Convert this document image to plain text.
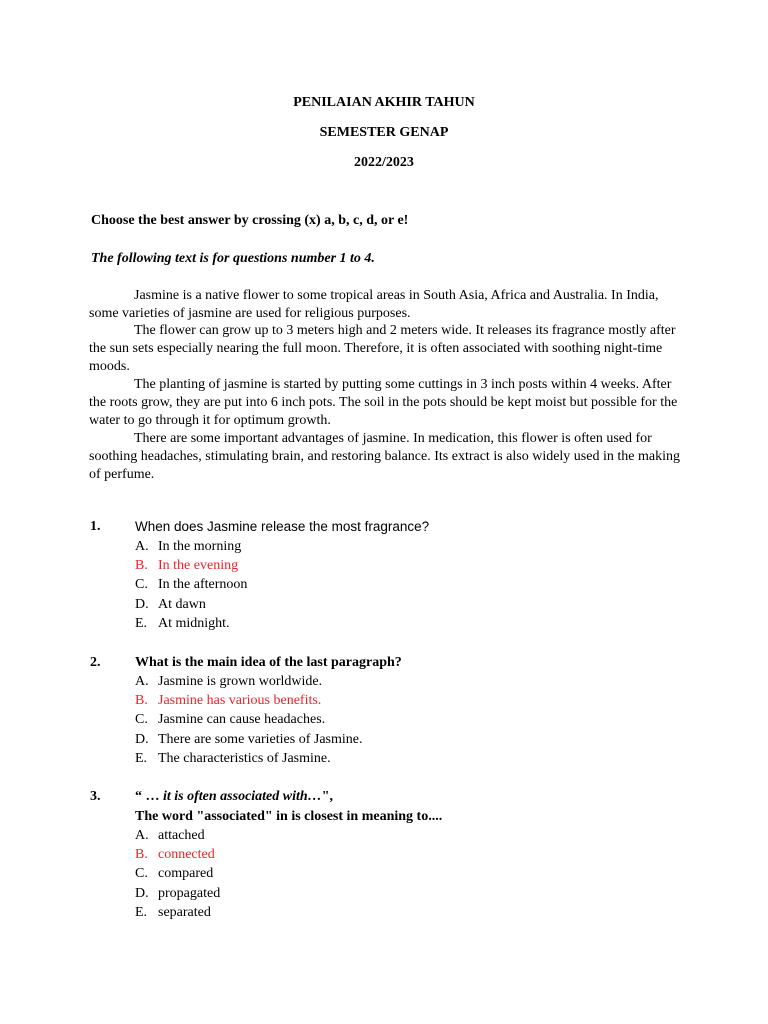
PENILAIAN AKHIR TAHUN
SEMESTER GENAP
2022/2023
Choose the best answer by crossing (x) a, b, c, d, or e!
The following text is for questions number 1 to 4.

Jasmine is a native flower to some tropical areas in South Asia, Africa and Australia. In India, some varieties of jasmine are used for religious purposes.

The flower can grow up to 3 meters high and 2 meters wide. It releases its fragrance mostly after the sun sets especially nearing the full moon. Therefore, it is often associated with soothing night-time moods.

The planting of jasmine is started by putting some cuttings in 3 inch posts within 4 weeks. After the roots grow, they are put into 6 inch pots. The soil in the pots should be kept moist but possible for the water to go through it for optimum growth.

There are some important advantages of jasmine. In medication, this flower is often used for soothing headaches, stimulating brain, and restoring balance. Its extract is also widely used in the making of perfume.

1.	When does Jasmine release the most fragrance?
A. In the morning
B. In the evening
C. In the afternoon
D. At dawn
E. At midnight.
2. What is the main idea of the last paragraph?
A. Jasmine is grown worldwide.
B. Jasmine has various benefits.
C. Jasmine can cause headaches.
D. There are some varieties of Jasmine.
E. The characteristics of Jasmine.
3. “ … it is often associated with…",
The word "associated" in is closest in meaning to....
A. attached
B. connected
C. compared
D. propagated
E. separated
